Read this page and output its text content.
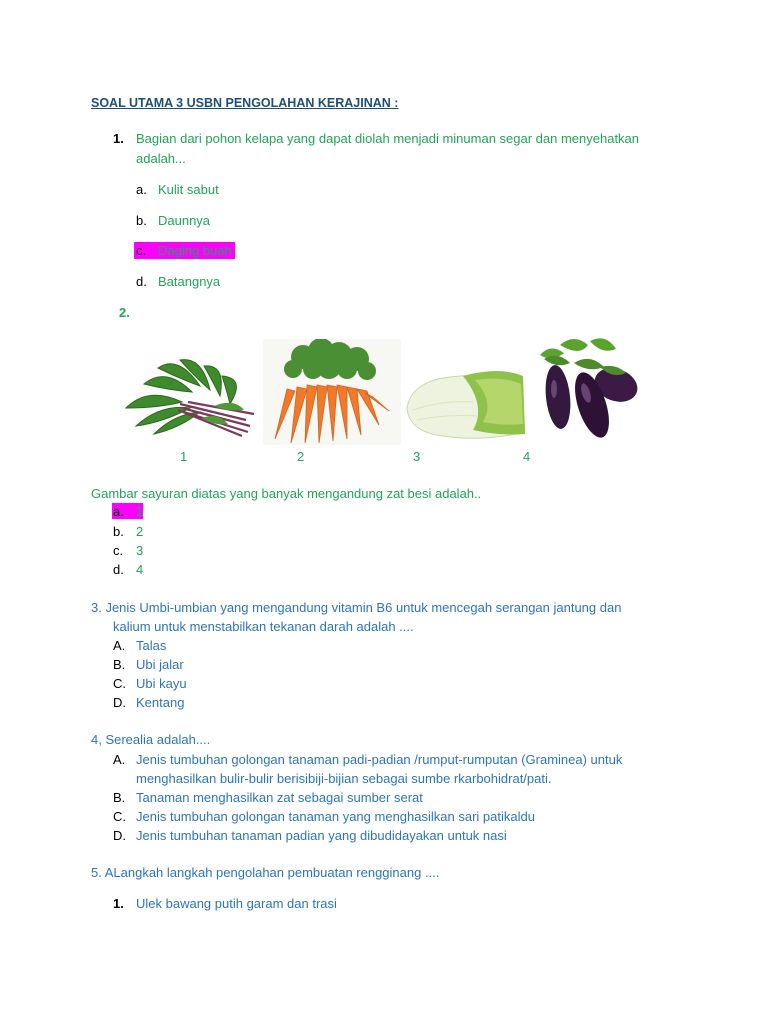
SOAL UTAMA 3 USBN PENGOLAHAN KERAJINAN :
1. Bagian dari pohon kelapa yang dapat diolah menjadi minuman segar dan menyehatkan
adalah...
a. Kulit sabut
b. Daunnya
c. Daging buah
d. Batangnya
2.
1	2	3	4
Gambar sayuran diatas yang banyak mengandung zat besi adalah..
a. 1
b. 2
c. 3
d. 4
3. Jenis Umbi-umbian yang mengandung vitamin B6 untuk mencegah serangan jantung dan
kalium untuk menstabilkan tekanan darah adalah ....
A. Talas
B. Ubi jalar
C. Ubi kayu
D. Kentang
4, Serealia adalah....
A. Jenis tumbuhan golongan tanaman padi-padian /rumput-rumputan (Graminea) untuk
menghasilkan bulir-bulir berisibiji-bijian sebagai sumbe rkarbohidrat/pati.
B. Tanaman menghasilkan zat sebagai sumber serat
C. Jenis tumbuhan golongan tanaman yang menghasilkan sari patikaldu
D. Jenis tumbuhan tanaman padian yang dibudidayakan untuk nasi
5. ALangkah langkah pengolahan pembuatan rengginang ....
1. Ulek bawang putih garam dan trasi
